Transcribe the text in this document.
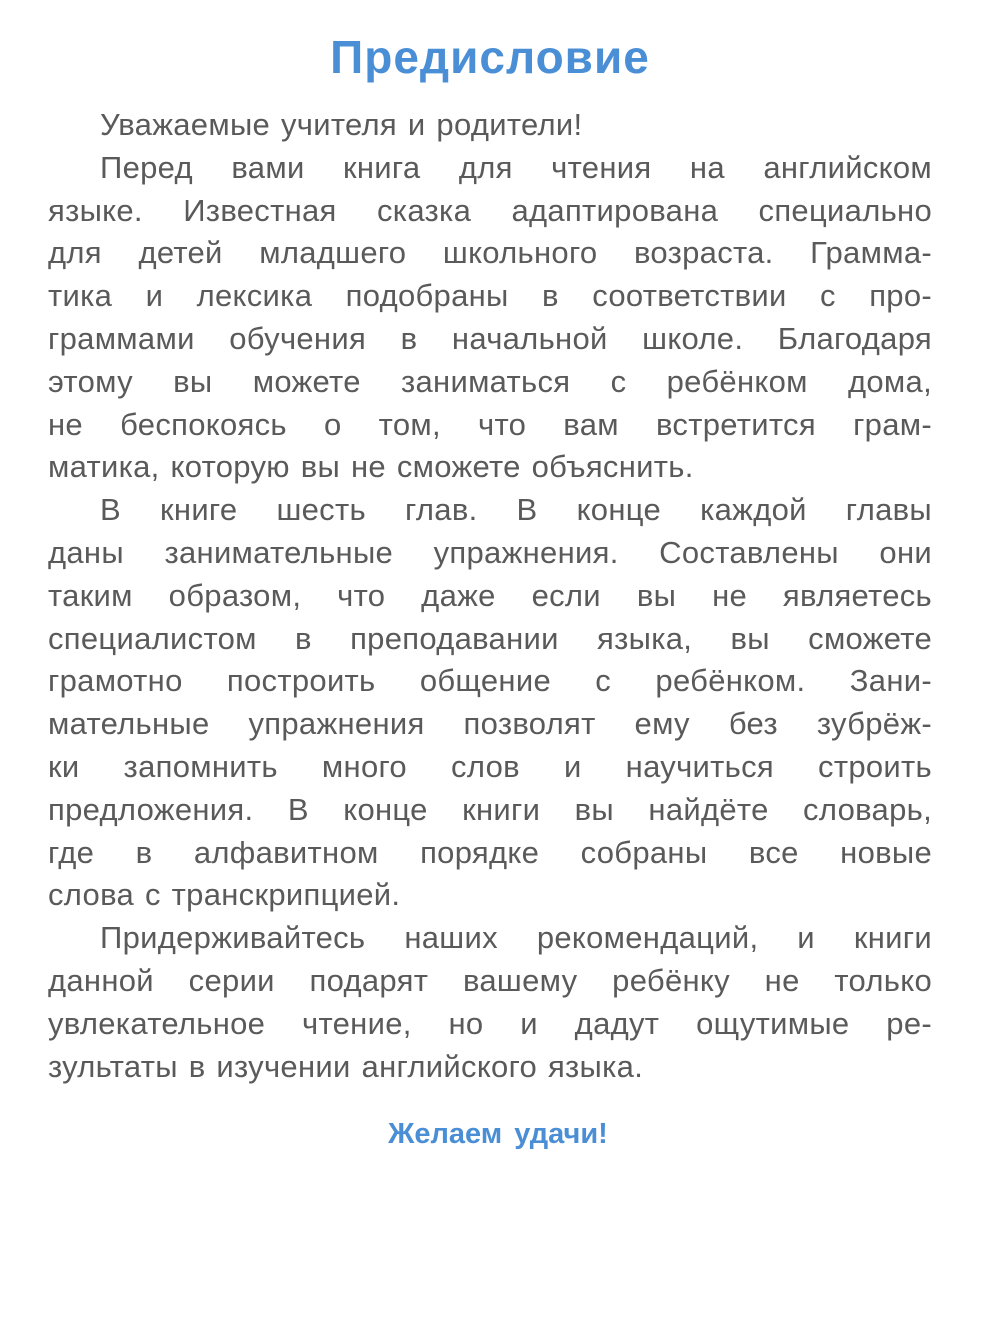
Предисловие
Уважаемые учителя и родители!
Перед вами книга для чтения на английском
языке. Известная сказка адаптирована специально
для детей младшего школьного возраста. Грамма-
тика и лексика подобраны в соответствии с про-
граммами обучения в начальной школе. Благодаря
этому вы можете заниматься с ребёнком дома,
не беспокоясь о том, что вам встретится грам-
матика, которую вы не сможете объяснить.
В книге шесть глав. В конце каждой главы
даны занимательные упражнения. Составлены они
таким образом, что даже если вы не являетесь
специалистом в преподавании языка, вы сможете
грамотно построить общение с ребёнком. Зани-
мательные упражнения позволят ему без зубрёж-
ки запомнить много слов и научиться строить
предложения. В конце книги вы найдёте словарь,
где в алфавитном порядке собраны все новые
слова с транскрипцией.
Придерживайтесь наших рекомендаций, и книги
данной серии подарят вашему ребёнку не только
увлекательное чтение, но и дадут ощутимые ре-
зультаты в изучении английского языка.
Желаем удачи!
